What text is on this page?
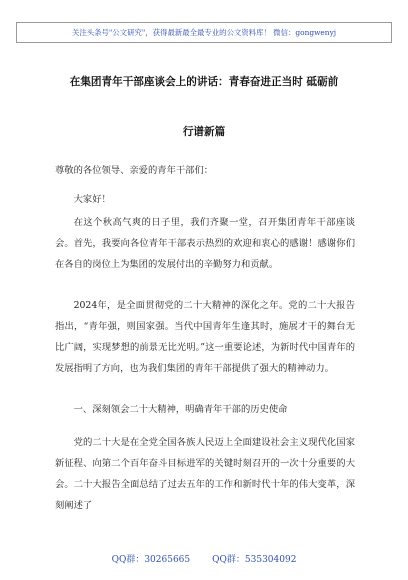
关注头条号"公文研究"，获得最新最全最专业的公文资料库！ 微信：gongwenyj
在集团青年干部座谈会上的讲话：青春奋进正当时 砥砺前
行谱新篇

尊敬的各位领导、亲爱的青年干部们：

大家好！

在这个秋高气爽的日子里，我们齐聚一堂，召开集团青年干部座谈会。首先，我要向各位青年干部表示热烈的欢迎和衷心的感谢！感谢你们在各自的岗位上为集团的发展付出的辛勤努力和贡献。

2024年，是全面贯彻党的二十大精神的深化之年。党的二十大报告指出，“青年强，则国家强。当代中国青年生逢其时，施展才干的舞台无比广阔，实现梦想的前景无比光明。”这一重要论述，为新时代中国青年的发展指明了方向，也为我们集团的青年干部提供了强大的精神动力。

一、深刻领会二十大精神，明确青年干部的历史使命

党的二十大是在全党全国各族人民迈上全面建设社会主义现代化国家新征程、向第二个百年奋斗目标进军的关键时刻召开的一次十分重要的大会。二十大报告全面总结了过去五年的工作和新时代十年的伟大变革，深刻阐述了

QQ群：30265665 QQ群：535304092
